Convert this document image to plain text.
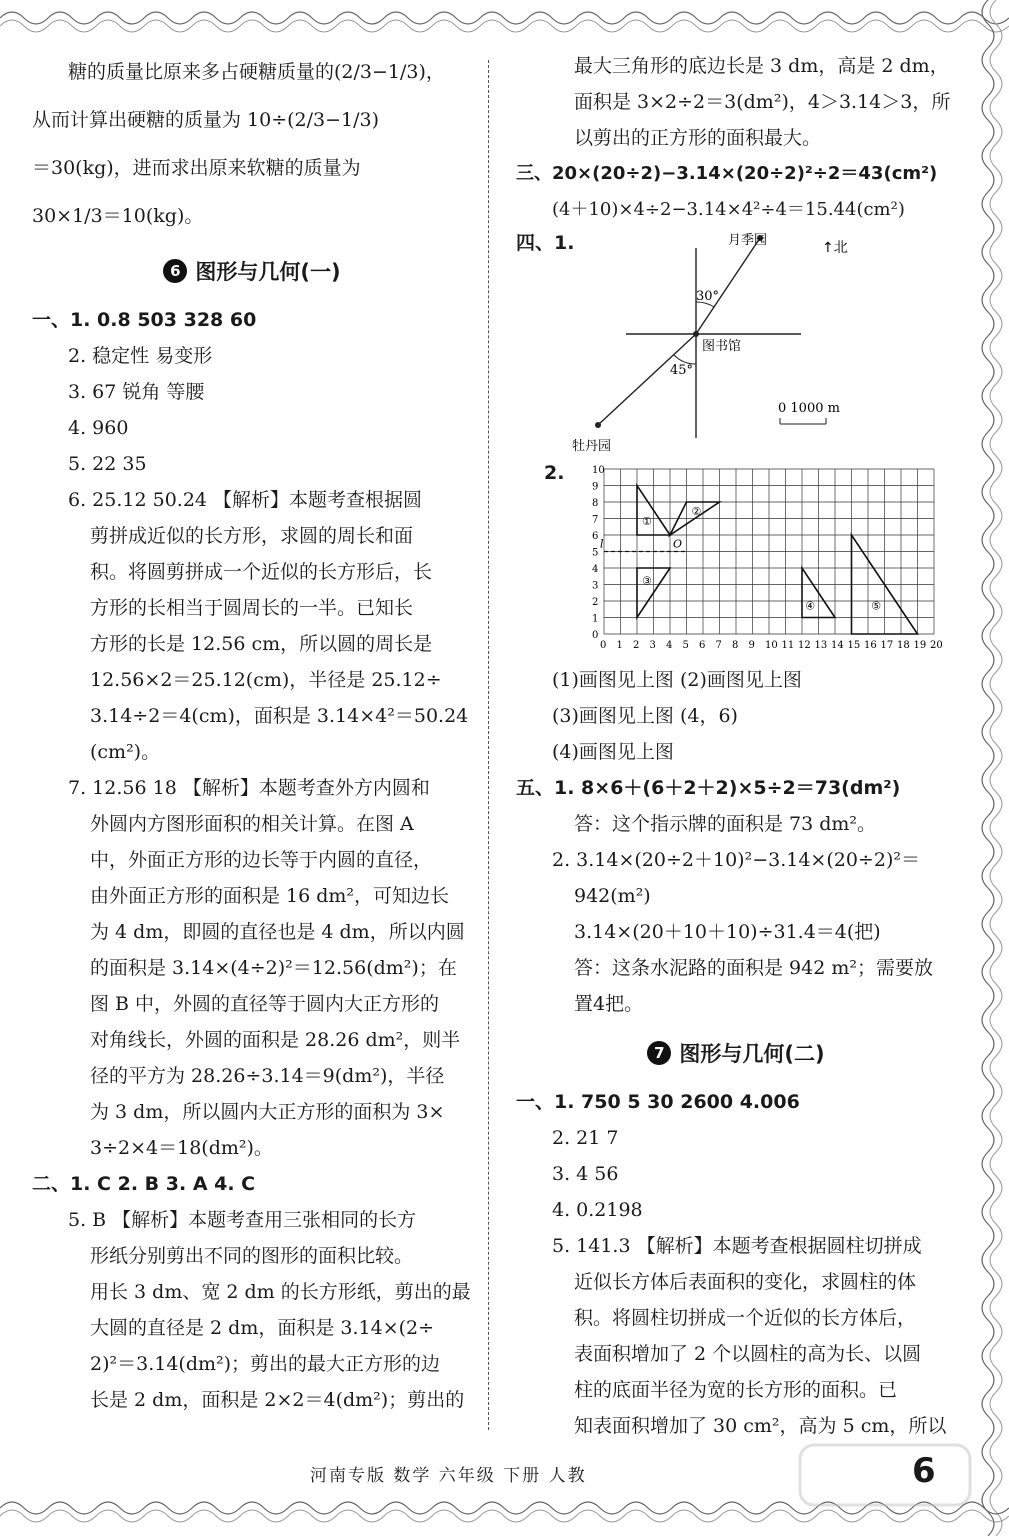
糖的质量比原来多占硬糖质量的(2/3−1/3)，
从而计算出硬糖的质量为 10÷(2/3−1/3)
＝30(kg)，进而求出原来软糖的质量为
30×1/3＝10(kg)。
6 图形与几何(一)
一、1. 0.8 503 328 60
2. 稳定性 易变形
3. 67 锐角 等腰
4. 960
5. 22 35
6. 25.12 50.24 【解析】本题考查根据圆
剪拼成近似的长方形，求圆的周长和面
积。将圆剪拼成一个近似的长方形后，长
方形的长相当于圆周长的一半。已知长
方形的长是 12.56 cm，所以圆的周长是
12.56×2＝25.12(cm)，半径是 25.12÷
3.14÷2＝4(cm)，面积是 3.14×4²＝50.24
(cm²)。
7. 12.56 18 【解析】本题考查外方内圆和
外圆内方图形面积的相关计算。在图 A
中，外面正方形的边长等于内圆的直径，
由外面正方形的面积是 16 dm²，可知边长
为 4 dm，即圆的直径也是 4 dm，所以内圆
的面积是 3.14×(4÷2)²＝12.56(dm²)；在
图 B 中，外圆的直径等于圆内大正方形的
对角线长，外圆的面积是 28.26 dm²，则半
径的平方为 28.26÷3.14＝9(dm²)，半径
为 3 dm，所以圆内大正方形的面积为 3×
3÷2×4＝18(dm²)。
二、1. C 2. B 3. A 4. C
5. B 【解析】本题考查用三张相同的长方
形纸分别剪出不同的图形的面积比较。
用长 3 dm、宽 2 dm 的长方形纸，剪出的最
大圆的直径是 2 dm，面积是 3.14×(2÷
2)²＝3.14(dm²)；剪出的最大正方形的边
长是 2 dm，面积是 2×2＝4(dm²)；剪出的
最大三角形的底边长是 3 dm，高是 2 dm，
面积是 3×2÷2＝3(dm²)，4＞3.14＞3，所
以剪出的正方形的面积最大。
三、20×(20÷2)−3.14×(20÷2)²÷2＝43(cm²)
(4＋10)×4÷2−3.14×4²÷4＝15.44(cm²)
四、1.	月季园	↑北
图书馆
牡丹园
30°
45°
0 1000 m
2.
0 1 2 3 4 5 6 7 8 9 10 11 12 13 14 15 16 17 18 19 20
0
1
2
3
4
5
6
7
8
9
10
l	O
①
②
③
④	⑤
(1)画图见上图 (2)画图见上图
(3)画图见上图 (4，6)
(4)画图见上图
五、1. 8×6＋(6＋2＋2)×5÷2＝73(dm²)
答：这个指示牌的面积是 73 dm²。
2. 3.14×(20÷2＋10)²−3.14×(20÷2)²＝
942(m²)
3.14×(20＋10＋10)÷31.4＝4(把)
答：这条水泥路的面积是 942 m²；需要放
置4把。
7 图形与几何(二)
一、1. 750 5 30 2600 4.006
2. 21 7
3. 4 56
4. 0.2198
5. 141.3 【解析】本题考查根据圆柱切拼成
近似长方体后表面积的变化，求圆柱的体
积。将圆柱切拼成一个近似的长方体后，
表面积增加了 2 个以圆柱的高为长、以圆
柱的底面半径为宽的长方形的面积。已
知表面积增加了 30 cm²，高为 5 cm，所以
河南专版 数学 六年级 下册 人教	6
